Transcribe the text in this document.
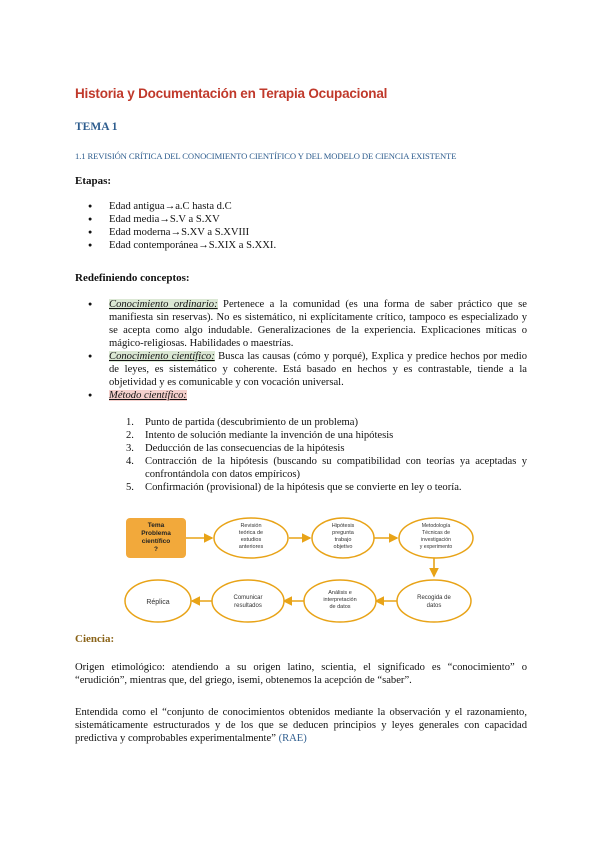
Historia y Documentación en Terapia Ocupacional
TEMA 1
1.1 REVISIÓN CRÍTICA DEL CONOCIMIENTO CIENTÍFICO Y DEL MODELO DE CIENCIA EXISTENTE
Etapas:
● Edad antigua→a.C hasta d.C
● Edad media→S.V a S.XV
● Edad moderna→S.XV a S.XVIII
● Edad contemporánea→S.XIX a S.XXI.
Redefiniendo conceptos:
● Conocimiento ordinario: Pertenece a la comunidad (es una forma de saber práctico que se manifiesta sin reservas). No es sistemático, ni explícitamente crítico, tampoco es especializado y se acepta como algo indudable. Generalizaciones de la experiencia. Explicaciones míticas o mágico-religiosas. Habilidades o maestrías.
● Conocimiento científico: Busca las causas (cómo y porqué), Explica y predice hechos por medio de leyes, es sistemático y coherente. Está basado en hechos y es contrastable, tiende a la objetividad y es comunicable y con vocación universal.
● Método científico:
1. Punto de partida (descubrimiento de un problema)
2. Intento de solución mediante la invención de una hipótesis
3. Deducción de las consecuencias de la hipótesis
4. Contracción de la hipótesis (buscando su compatibilidad con teorías ya aceptadas y confrontándola con datos empíricos)
5. Confirmación (provisional) de la hipótesis que se convierte en ley o teoría.
Tema Problema científico ?
Revisión teórica de estudios anteriores
Hipótesis pregunta trabajo objetivo
Metodología Técnicas de investigación y experimento
Recogida de datos
Análisis e interpretación de datos
Comunicar resultados
Réplica
Ciencia:

Origen etimológico: atendiendo a su origen latino, scientia, el significado es “conocimiento” o “erudición”, mientras que, del griego, isemi, obtenemos la acepción de “saber”.

Entendida como el “conjunto de conocimientos obtenidos mediante la observación y el razonamiento, sistemáticamente estructurados y de los que se deducen principios y leyes generales con capacidad predictiva y comprobables experimentalmente” (RAE)
